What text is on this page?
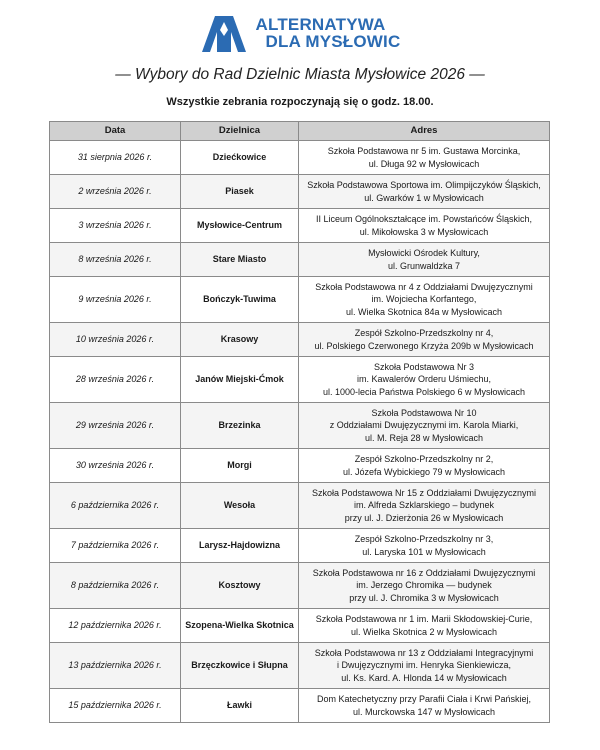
ALTERNATYWA
DLA MYSŁOWIC
— Wybory do Rad Dzielnic Miasta Mysłowice 2026 —
Wszystkie zebrania rozpoczynają się o godz. 18.00.
Data	Dzielnica	Adres
31 sierpnia 2026 r.	Dziećkowice	Szkoła Podstawowa nr 5 im. Gustawa Morcinka,
ul. Długa 92 w Mysłowicach
2 września 2026 r.	Piasek	Szkoła Podstawowa Sportowa im. Olimpijczyków Śląskich,
ul. Gwarków 1 w Mysłowicach
3 września 2026 r.	Mysłowice-Centrum	II Liceum Ogólnokształcące im. Powstańców Śląskich,
ul. Mikołowska 3 w Mysłowicach
8 września 2026 r.	Stare Miasto	Mysłowicki Ośrodek Kultury,
ul. Grunwaldzka 7
9 września 2026 r.	Bończyk-Tuwima	Szkoła Podstawowa nr 4 z Oddziałami Dwujęzycznymi
im. Wojciecha Korfantego,
ul. Wielka Skotnica 84a w Mysłowicach
10 września 2026 r.	Krasowy	Zespół Szkolno-Przedszkolny nr 4,
ul. Polskiego Czerwonego Krzyża 209b w Mysłowicach
28 września 2026 r.	Janów Miejski-Ćmok	Szkoła Podstawowa Nr 3
im. Kawalerów Orderu Uśmiechu,
ul. 1000-lecia Państwa Polskiego 6 w Mysłowicach
29 września 2026 r.	Brzezinka	Szkoła Podstawowa Nr 10
z Oddziałami Dwujęzycznymi im. Karola Miarki,
ul. M. Reja 28 w Mysłowicach
30 września 2026 r.	Morgi	Zespół Szkolno-Przedszkolny nr 2,
ul. Józefa Wybickiego 79 w Mysłowicach
6 października 2026 r.	Wesoła	Szkoła Podstawowa Nr 15 z Oddziałami Dwujęzycznymi
im. Alfreda Szklarskiego – budynek
przy ul. J. Dzierżonia 26 w Mysłowicach
7 października 2026 r.	Larysz-Hajdowizna	Zespół Szkolno-Przedszkolny nr 3,
ul. Laryska 101 w Mysłowicach
8 października 2026 r.	Kosztowy	Szkoła Podstawowa nr 16 z Oddziałami Dwujęzycznymi
im. Jerzego Chromika — budynek
przy ul. J. Chromika 3 w Mysłowicach
12 października 2026 r.	Szopena-Wielka Skotnica	Szkoła Podstawowa nr 1 im. Marii Skłodowskiej-Curie,
ul. Wielka Skotnica 2 w Mysłowicach
13 października 2026 r.	Brzęczkowice i Słupna	Szkoła Podstawowa nr 13 z Oddziałami Integracyjnymi
i Dwujęzycznymi im. Henryka Sienkiewicza,
ul. Ks. Kard. A. Hlonda 14 w Mysłowicach
15 października 2026 r.	Ławki	Dom Katechetyczny przy Parafii Ciała i Krwi Pańskiej,
ul. Murckowska 147 w Mysłowicach
